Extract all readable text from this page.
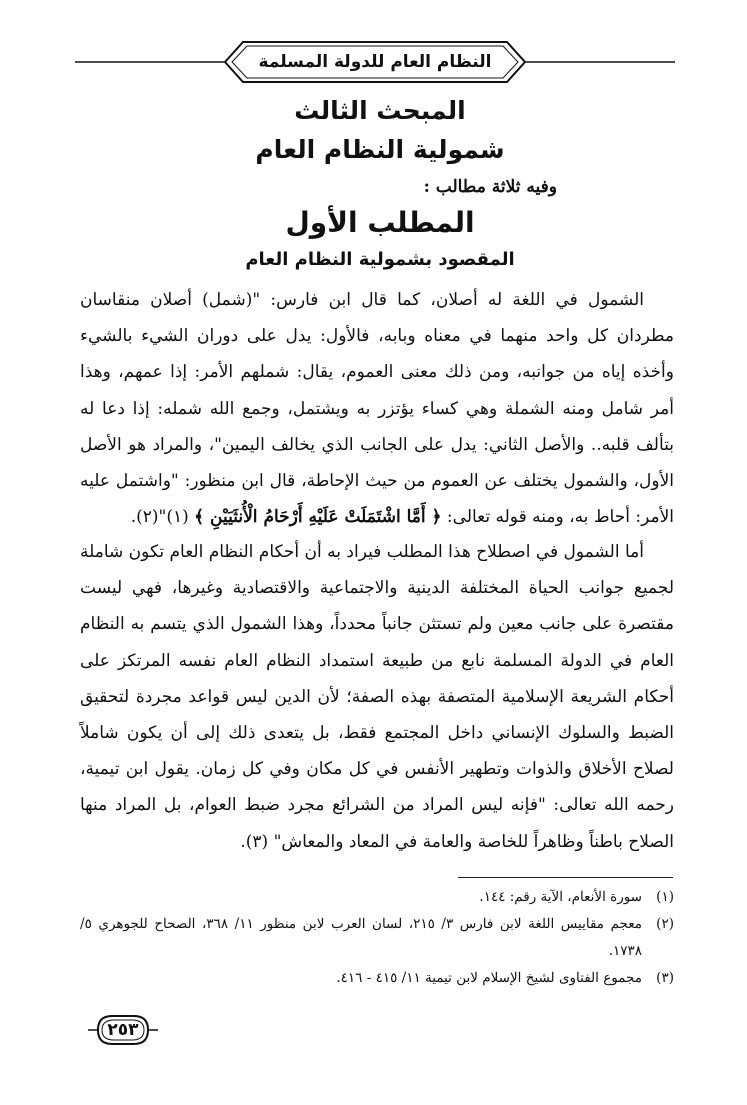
النظام العام للدولة المسلمة
المبحث الثالث
شمولية النظام العام
وفيه ثلاثة مطالب :
المطلب الأول
المقصود بشمولية النظام العام
الشمول في اللغة له أصلان، كما قال ابن فارس: "(شمل) أصلان منقاسان مطردان كل واحد منهما في معناه وبابه، فالأول: يدل على دوران الشيء بالشيء وأخذه إياه من جوانبه، ومن ذلك معنى العموم، يقال: شملهم الأمر: إذا عمهم، وهذا أمر شامل ومنه الشملة وهي كساء يؤتزر به ويشتمل، وجمع الله شمله: إذا دعا له بتألف قلبه.. والأصل الثاني: يدل على الجانب الذي يخالف اليمين"، والمراد هو الأصل الأول، والشمول يختلف عن العموم من حيث الإحاطة، قال ابن منظور: "واشتمل عليه الأمر: أحاط به، ومنه قوله تعالى: ﴿ أَمَّا اشْتَمَلَتْ عَلَيْهِ أَرْحَامُ الْأُنثَيَيْنِ ﴾ (١)"(٢).
أما الشمول في اصطلاح هذا المطلب فيراد به أن أحكام النظام العام تكون شاملة لجميع جوانب الحياة المختلفة الدينية والاجتماعية والاقتصادية وغيرها، فهي ليست مقتصرة على جانب معين ولم تستثن جانباً محدداً، وهذا الشمول الذي يتسم به النظام العام في الدولة المسلمة نابع من طبيعة استمداد النظام العام نفسه المرتكز على أحكام الشريعة الإسلامية المتصفة بهذه الصفة؛ لأن الدين ليس قواعد مجردة لتحقيق الضبط والسلوك الإنساني داخل المجتمع فقط، بل يتعدى ذلك إلى أن يكون شاملاً لصلاح الأخلاق والذوات وتطهير الأنفس في كل مكان وفي كل زمان. يقول ابن تيمية، رحمه الله تعالى: "فإنه ليس المراد من الشرائع مجرد ضبط العوام، بل المراد منها الصلاح باطناً وظاهراً للخاصة والعامة في المعاد والمعاش" (٣).
(١)
سورة الأنعام، الآية رقم: ١٤٤.
(٢)
معجم مقاييس اللغة لابن فارس ٣/ ٢١٥، لسان العرب لابن منظور ١١/ ٣٦٨، الصحاح للجوهري ٥/ ١٧٣٨.
(٣)
مجموع الفتاوى لشيخ الإسلام لابن تيمية ١١/ ٤١٥ - ٤١٦.
٢٥٣
